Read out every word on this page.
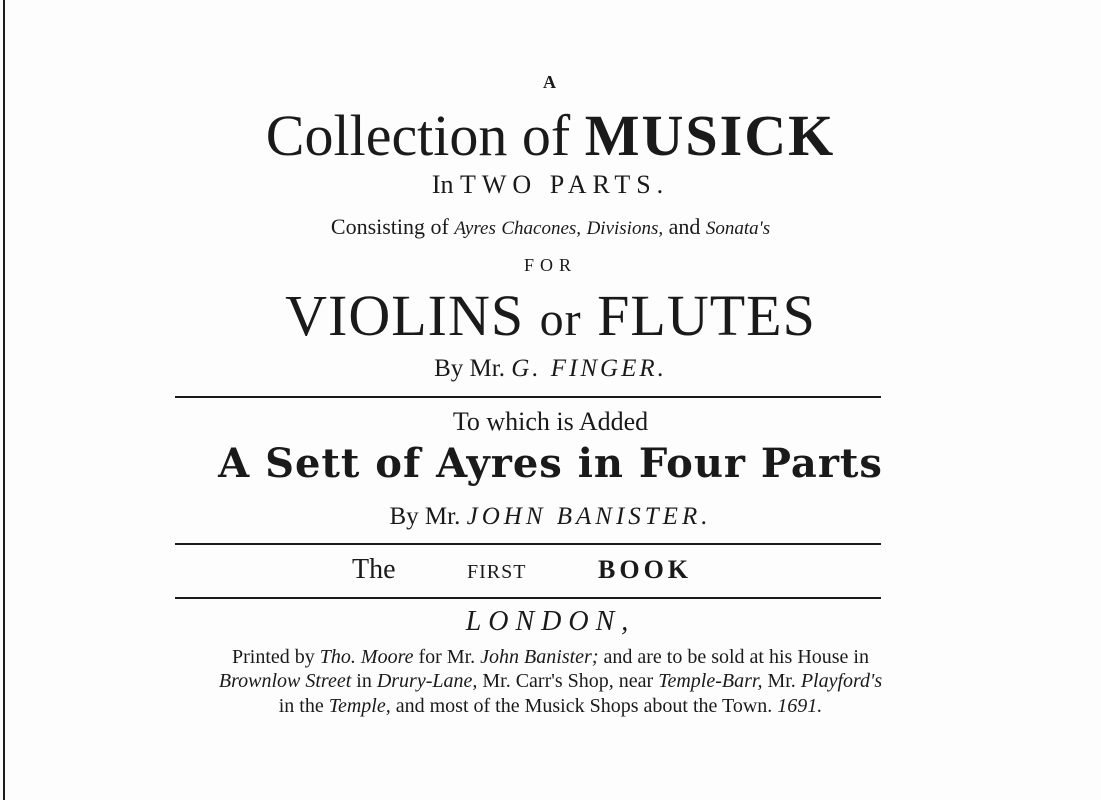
A
Collection of MUSICK
In TWO PARTS.
Consisting of Ayres Chacones, Divisions, and Sonata's
FOR
VIOLINS or FLUTES
By Mr. G. FINGER.
To which is Added
A Sett of Ayres in Four Parts
By Mr. JOHN BANISTER.
The	FIRST	BOOK
LONDON,
Printed by Tho. Moore for Mr. John Banister; and are to be sold at his House in
Brownlow Street in Drury-Lane, Mr. Carr's Shop, near Temple-Barr, Mr. Playford's
in the Temple, and most of the Musick Shops about the Town. 1691.
